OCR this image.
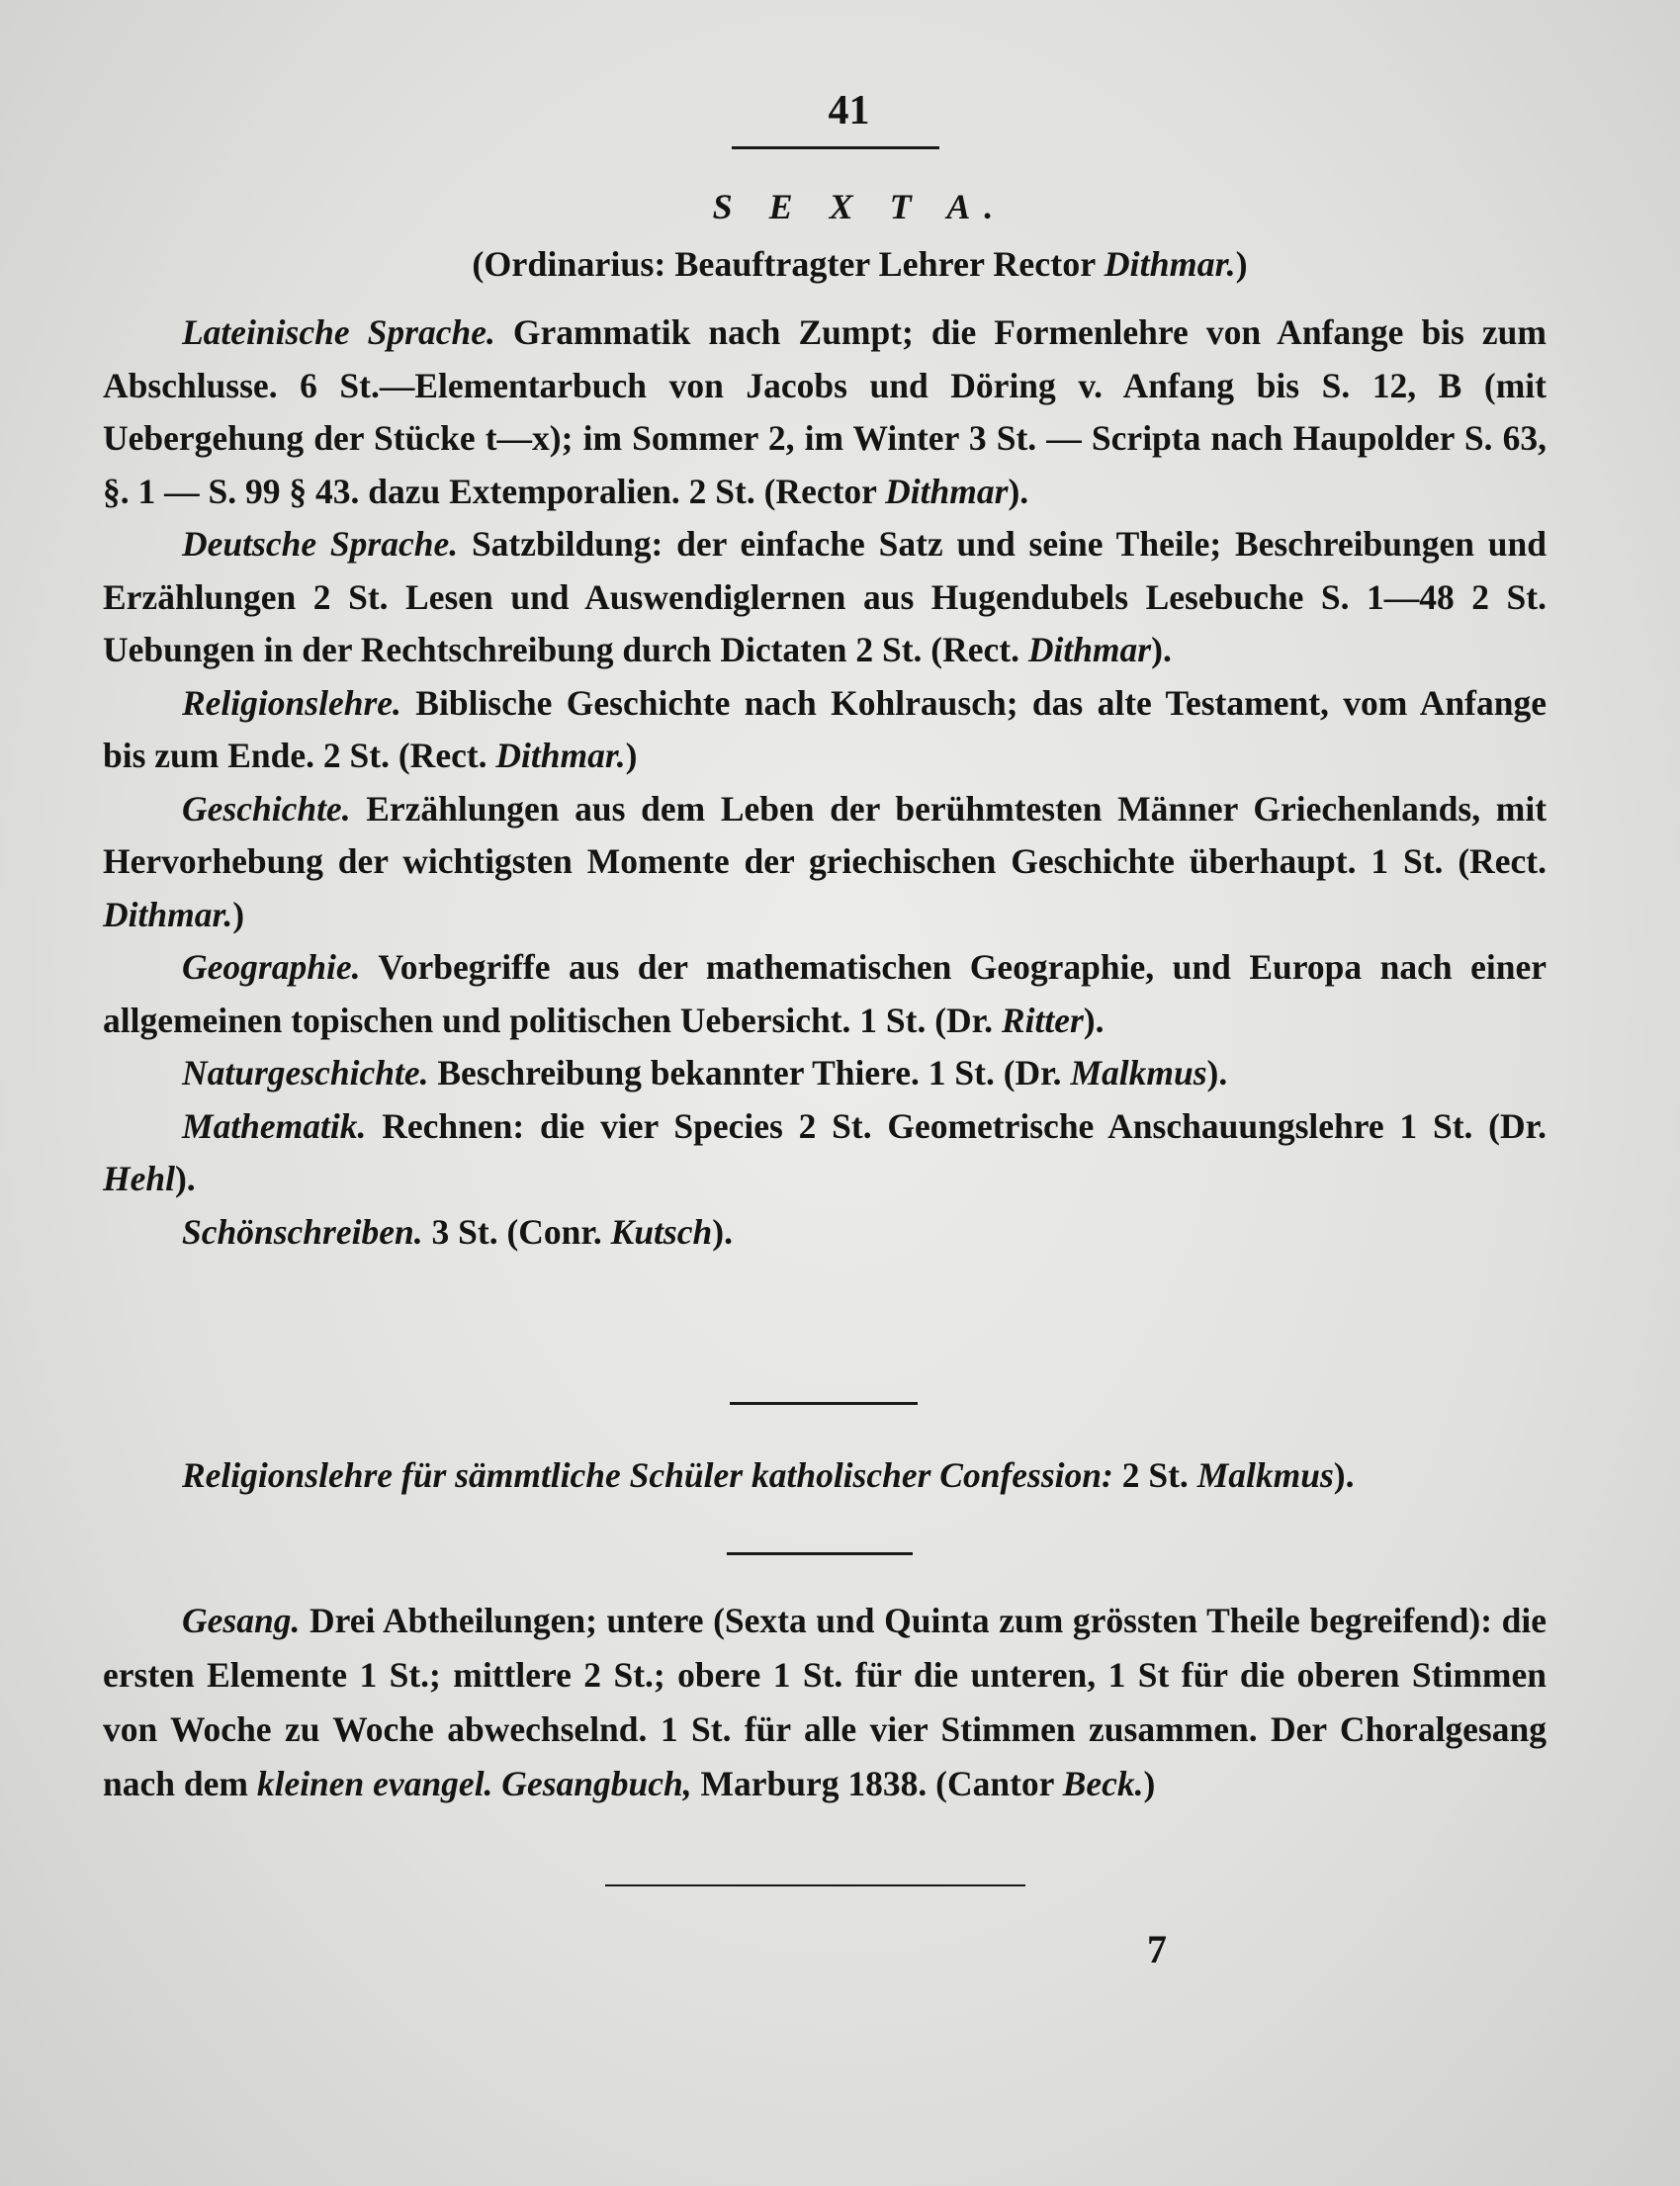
41
S E X T A.
(Ordinarius: Beauftragter Lehrer Rector Dithmar.)

Lateinische Sprache. Grammatik nach Zumpt; die Formenlehre von Anfange bis zum Abschlusse. 6 St.—Elementarbuch von Jacobs und Döring v. Anfang bis S. 12, B (mit Uebergehung der Stücke t—x); im Sommer 2, im Winter 3 St. — Scripta nach Haupolder S. 63, §. 1 — S. 99 § 43. dazu Extemporalien. 2 St. (Rector Dithmar).

Deutsche Sprache. Satzbildung: der einfache Satz und seine Theile; Beschreibungen und Erzählungen 2 St. Lesen und Auswendiglernen aus Hugendubels Lesebuche S. 1—48 2 St. Uebungen in der Rechtschreibung durch Dictaten 2 St. (Rect. Dithmar).

Religionslehre. Biblische Geschichte nach Kohlrausch; das alte Testament, vom Anfange bis zum Ende. 2 St. (Rect. Dithmar.)

Geschichte. Erzählungen aus dem Leben der berühmtesten Männer Griechenlands, mit Hervorhebung der wichtigsten Momente der griechischen Geschichte überhaupt. 1 St. (Rect. Dithmar.)

Geographie. Vorbegriffe aus der mathematischen Geographie, und Europa nach einer allgemeinen topischen und politischen Uebersicht. 1 St. (Dr. Ritter).

Naturgeschichte. Beschreibung bekannter Thiere. 1 St. (Dr. Malkmus).

Mathematik. Rechnen: die vier Species 2 St. Geometrische Anschauungslehre 1 St. (Dr. Hehl).

Schönschreiben. 3 St. (Conr. Kutsch).

Religionslehre für sämmtliche Schüler katholischer Confession: 2 St. Malkmus).

Gesang. Drei Abtheilungen; untere (Sexta und Quinta zum grössten Theile begreifend): die ersten Elemente 1 St.; mittlere 2 St.; obere 1 St. für die unteren, 1 St für die oberen Stimmen von Woche zu Woche abwechselnd. 1 St. für alle vier Stimmen zusammen. Der Choralgesang nach dem kleinen evangel. Gesangbuch, Marburg 1838. (Cantor Beck.)

7
